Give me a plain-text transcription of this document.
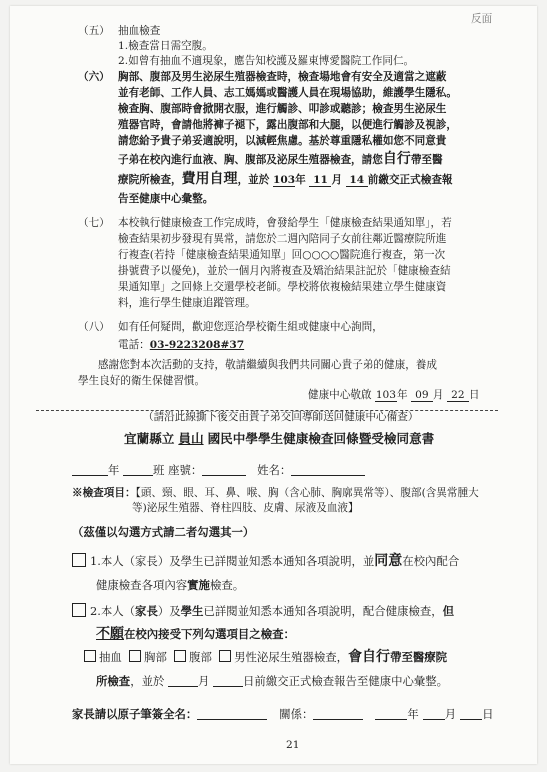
反面
（五） 抽血檢查
1.檢查當日需空腹。
2.如曾有抽血不適現象，應告知校護及羅東博愛醫院工作同仁。
（六） 胸部、腹部及男生泌尿生殖器檢查時，檢查場地會有安全及適當之遮蔽
並有老師、工作人員、志工媽媽或醫護人員在現場協助，維護學生隱私。
檢查胸、腹部時會掀開衣服，進行觸診、叩診或聽診；檢查男生泌尿生
殖器官時，會請他將褲子褪下，露出腹部和大腿，以便進行觸診及視診，
請您給予貴子弟妥適說明，以減輕焦慮。基於尊重隱私權如您不同意貴
子弟在校內進行血液、胸、腹部及泌尿生殖器檢查，請您自行帶至醫
療院所檢查，費用自理，並於 103年 11 月 14 前繳交正式檢查報
告至健康中心彙整。
（七） 本校執行健康檢查工作完成時，會發給學生「健康檢查結果通知單」，若
檢查結果初步發現有異常，請您於二週內陪同子女前往鄰近醫療院所進
行複查(若持「健康檢查結果通知單」回○○○○醫院進行複查，第一次
掛號費予以優免)，並於一個月內將複查及矯治結果註記於「健康檢查結
果通知單」之回條上交還學校老師。學校將依複檢結果建立學生健康資
料，進行學生健康追蹤管理。
（八） 如有任何疑問，歡迎您逕洽學校衛生組或健康中心詢問，
電話：03-9223208#37
感謝您對本次活動的支持，敬請繼續與我們共同關心貴子弟的健康，養成
學生良好的衛生保健習慣。
健康中心敬啟 103年 09 月 22 日
（請沿此線撕下後交由貴子弟交回導師送回健康中心備查）
宜蘭縣立 員山 國民中學學生健康檢查回條暨受檢同意書
年	班 座號：	姓名：
※檢查項目：【頭、頸、眼、耳、鼻、喉、胸（含心肺、胸廓異常等）、腹部(含異常腫大
等)泌尿生殖器、脊柱四肢、皮膚、尿液及血液】
（茲僅以勾選方式請二者勾選其一）
1.本人（家長）及學生已詳閱並知悉本通知各項說明，並同意在校內配合
健康檢查各項內容實施檢查。
2.本人（家長）及學生已詳閱並知悉本通知各項說明，配合健康檢查，但
不願在校內接受下列勾選項目之檢查：
抽血 胸部 腹部 男性泌尿生殖器檢查，會自行帶至醫療院
所檢查，並於	月	日前繳交正式檢查報告至健康中心彙整。
家長請以原子筆簽全名：	關係：	年 月 日
21
